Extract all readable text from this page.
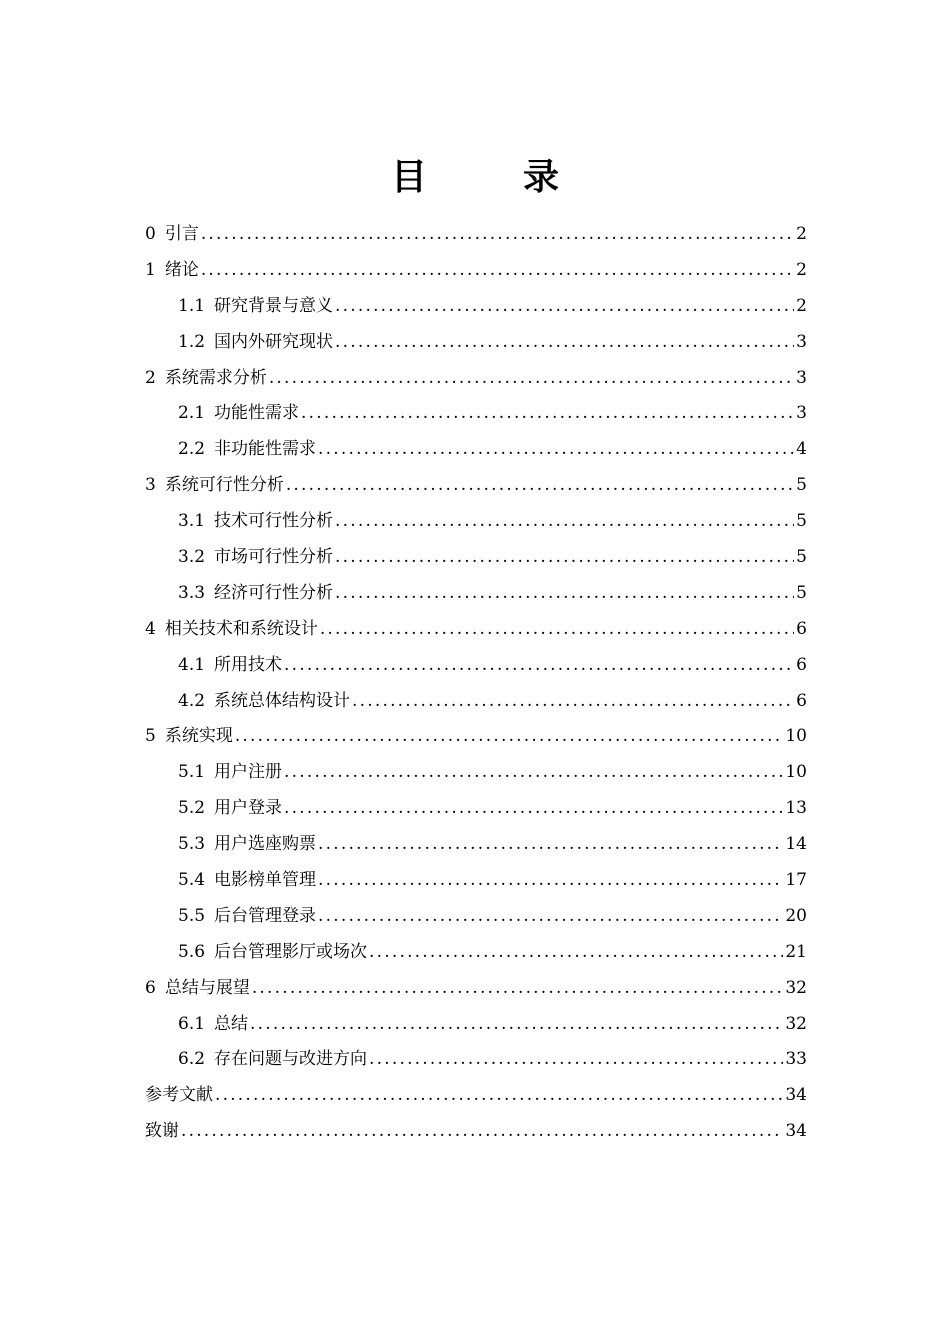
目　录
0 引言 .....	2
1 绪论 .....	2
1.1 研究背景与意义 .....	2
1.2 国内外研究现状 .....	3
2 系统需求分析 .....	3
2.1 功能性需求 .....	3
2.2 非功能性需求 .....	4
3 系统可行性分析 .....	5
3.1 技术可行性分析 .....	5
3.2 市场可行性分析 .....	5
3.3 经济可行性分析 .....	5
4 相关技术和系统设计 .....	6
4.1 所用技术 .....	6
4.2 系统总体结构设计 .....	6
5 系统实现 .....	10
5.1 用户注册 .....	10
5.2 用户登录 .....	13
5.3 用户选座购票 .....	14
5.4 电影榜单管理 .....	17
5.5 后台管理登录 .....	20
5.6 后台管理影厅或场次 .....	21
6 总结与展望 .....	32
6.1 总结 .....	32
6.2 存在问题与改进方向 .....	33
参考文献 .....	34
致谢 .....	34
